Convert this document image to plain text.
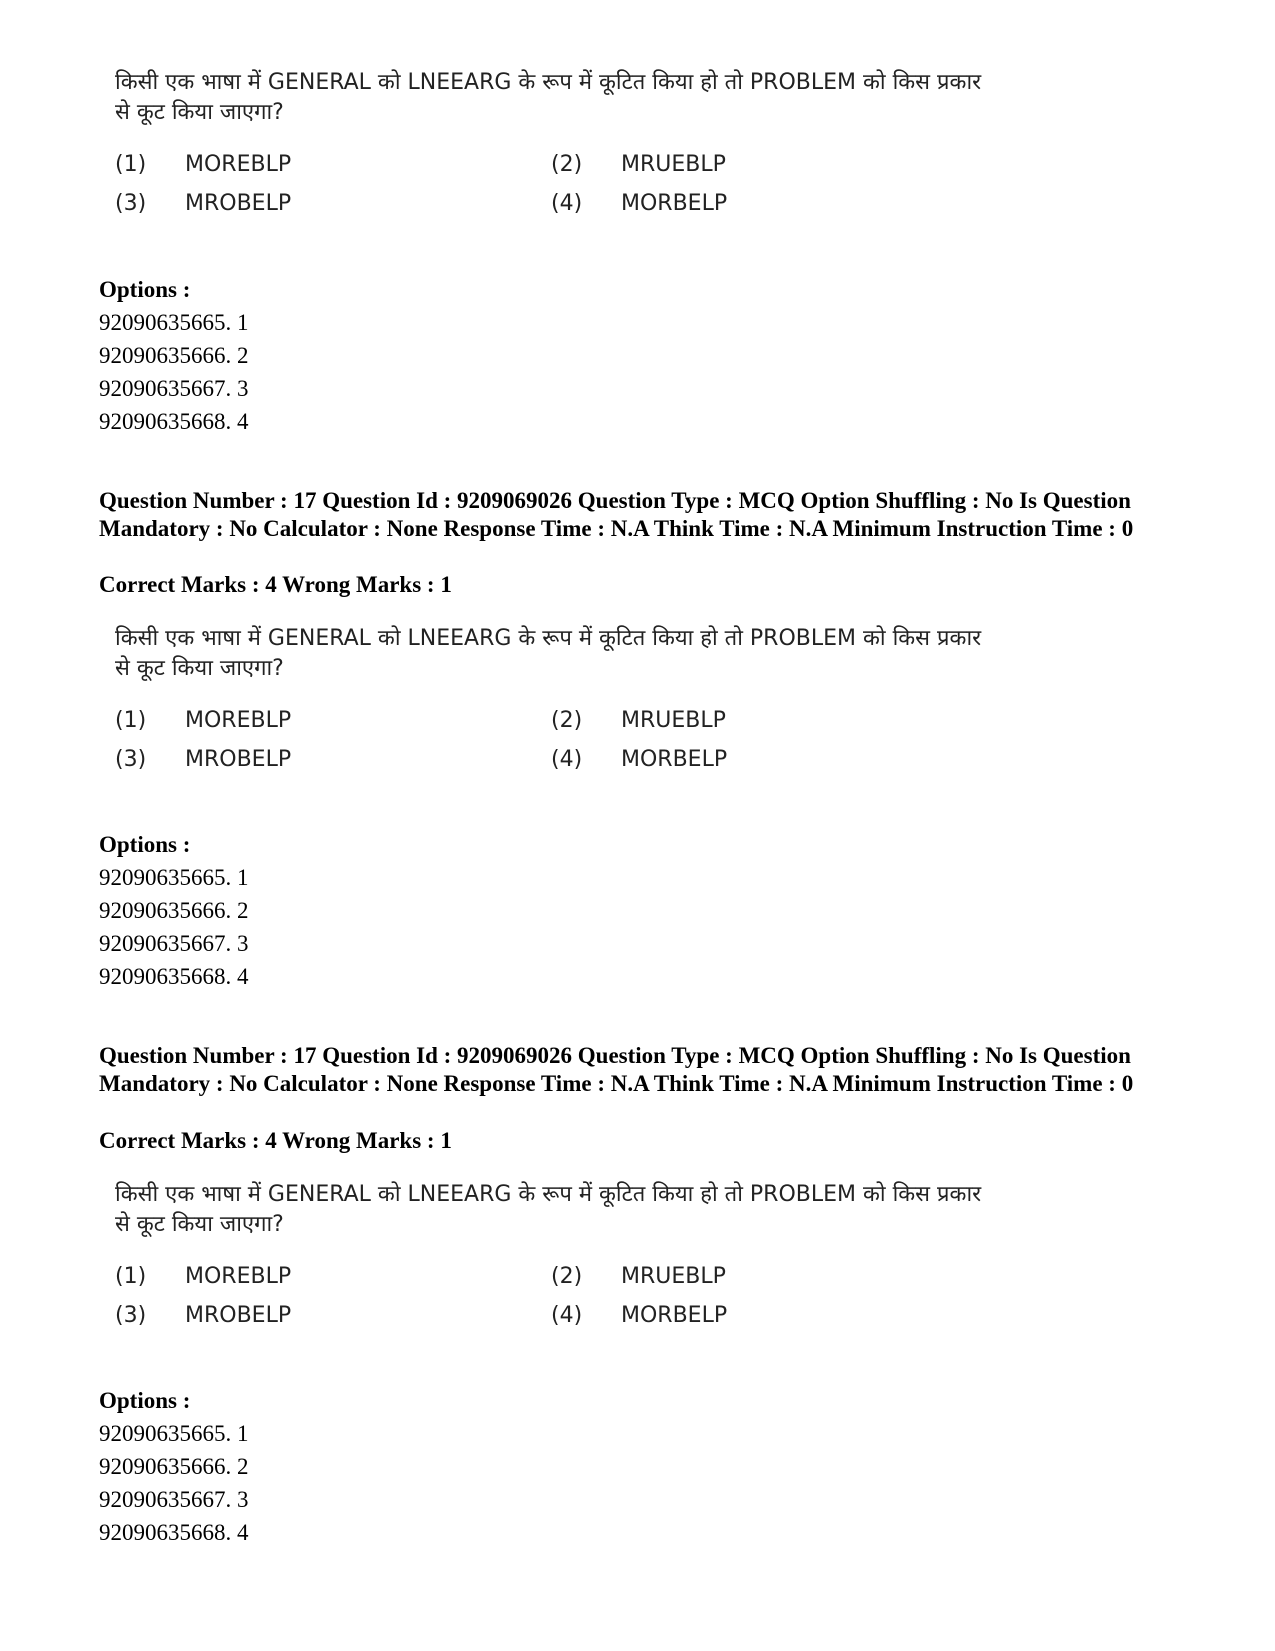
किसी एक भाषा में GENERAL को LNEEARG के रूप में कूटित किया हो तो PROBLEM को किस प्रकार
से कूट किया जाएगा?
(1) MOREBLP	(2) MRUEBLP
(3) MROBELP	(4) MORBELP
Options :
92090635665. 1
92090635666. 2
92090635667. 3
92090635668. 4
Question Number : 17 Question Id : 9209069026 Question Type : MCQ Option Shuffling : No Is Question Mandatory : No Calculator : None Response Time : N.A Think Time : N.A Minimum Instruction Time : 0
Correct Marks : 4 Wrong Marks : 1
किसी एक भाषा में GENERAL को LNEEARG के रूप में कूटित किया हो तो PROBLEM को किस प्रकार
से कूट किया जाएगा?
(1) MOREBLP	(2) MRUEBLP
(3) MROBELP	(4) MORBELP
Options :
92090635665. 1
92090635666. 2
92090635667. 3
92090635668. 4
Question Number : 17 Question Id : 9209069026 Question Type : MCQ Option Shuffling : No Is Question Mandatory : No Calculator : None Response Time : N.A Think Time : N.A Minimum Instruction Time : 0
Correct Marks : 4 Wrong Marks : 1
किसी एक भाषा में GENERAL को LNEEARG के रूप में कूटित किया हो तो PROBLEM को किस प्रकार
से कूट किया जाएगा?
(1) MOREBLP	(2) MRUEBLP
(3) MROBELP	(4) MORBELP
Options :
92090635665. 1
92090635666. 2
92090635667. 3
92090635668. 4
